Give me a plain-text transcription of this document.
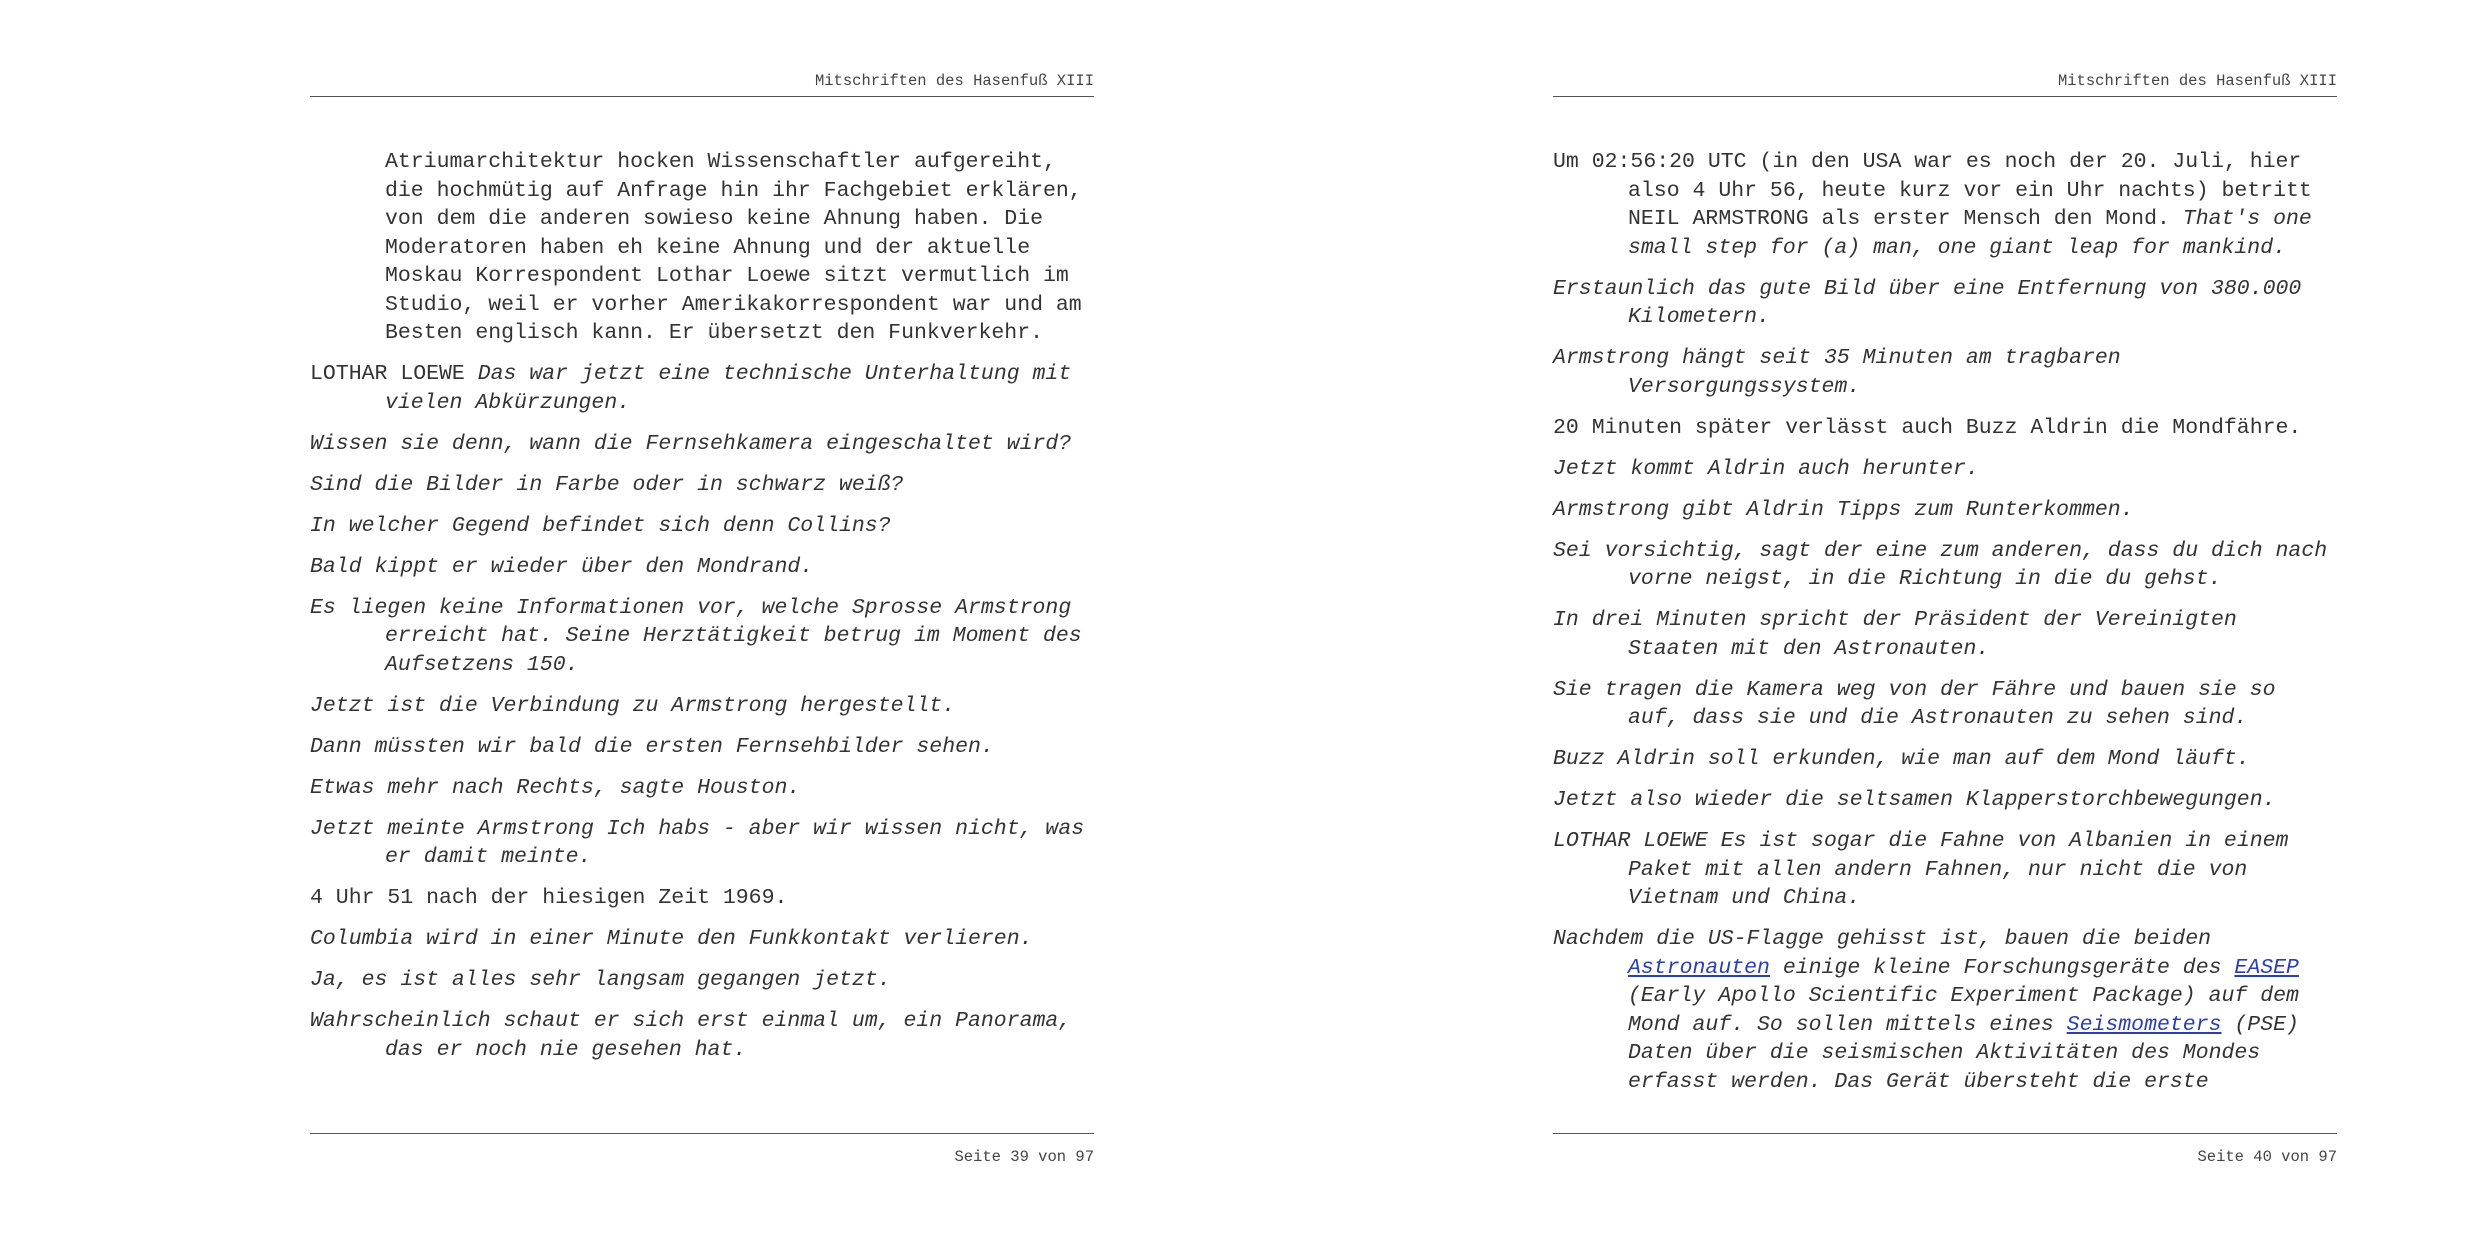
Mitschriften des Hasenfuß XIII
Atriumarchitektur hocken Wissenschaftler aufgereiht,
die hochmütig auf Anfrage hin ihr Fachgebiet erklären,
von dem die anderen sowieso keine Ahnung haben. Die
Moderatoren haben eh keine Ahnung und der aktuelle
Moskau Korrespondent Lothar Loewe sitzt vermutlich im
Studio, weil er vorher Amerikakorrespondent war und am
Besten englisch kann. Er übersetzt den Funkverkehr.
LOTHAR LOEWE Das war jetzt eine technische Unterhaltung mit
vielen Abkürzungen.
Wissen sie denn, wann die Fernsehkamera eingeschaltet wird?
Sind die Bilder in Farbe oder in schwarz weiß?
In welcher Gegend befindet sich denn Collins?
Bald kippt er wieder über den Mondrand.
Es liegen keine Informationen vor, welche Sprosse Armstrong
erreicht hat. Seine Herztätigkeit betrug im Moment des
Aufsetzens 150.
Jetzt ist die Verbindung zu Armstrong hergestellt.
Dann müssten wir bald die ersten Fernsehbilder sehen.
Etwas mehr nach Rechts, sagte Houston.
Jetzt meinte Armstrong Ich habs - aber wir wissen nicht, was
er damit meinte.
4 Uhr 51 nach der hiesigen Zeit 1969.
Columbia wird in einer Minute den Funkkontakt verlieren.
Ja, es ist alles sehr langsam gegangen jetzt.
Wahrscheinlich schaut er sich erst einmal um, ein Panorama,
das er noch nie gesehen hat.
Seite 39 von 97
Mitschriften des Hasenfuß XIII
Um 02:56:20 UTC (in den USA war es noch der 20. Juli, hier
also 4 Uhr 56, heute kurz vor ein Uhr nachts) betritt
NEIL ARMSTRONG als erster Mensch den Mond. That's one
small step for (a) man, one giant leap for mankind.
Erstaunlich das gute Bild über eine Entfernung von 380.000
Kilometern.
Armstrong hängt seit 35 Minuten am tragbaren
Versorgungssystem.
20 Minuten später verlässt auch Buzz Aldrin die Mondfähre.
Jetzt kommt Aldrin auch herunter.
Armstrong gibt Aldrin Tipps zum Runterkommen.
Sei vorsichtig, sagt der eine zum anderen, dass du dich nach
vorne neigst, in die Richtung in die du gehst.
In drei Minuten spricht der Präsident der Vereinigten
Staaten mit den Astronauten.
Sie tragen die Kamera weg von der Fähre und bauen sie so
auf, dass sie und die Astronauten zu sehen sind.
Buzz Aldrin soll erkunden, wie man auf dem Mond läuft.
Jetzt also wieder die seltsamen Klapperstorchbewegungen.
LOTHAR LOEWE Es ist sogar die Fahne von Albanien in einem
Paket mit allen andern Fahnen, nur nicht die von
Vietnam und China.
Nachdem die US-Flagge gehisst ist, bauen die beiden
Astronauten einige kleine Forschungsgeräte des EASEP
(Early Apollo Scientific Experiment Package) auf dem
Mond auf. So sollen mittels eines Seismometers (PSE)
Daten über die seismischen Aktivitäten des Mondes
erfasst werden. Das Gerät übersteht die erste
Seite 40 von 97
